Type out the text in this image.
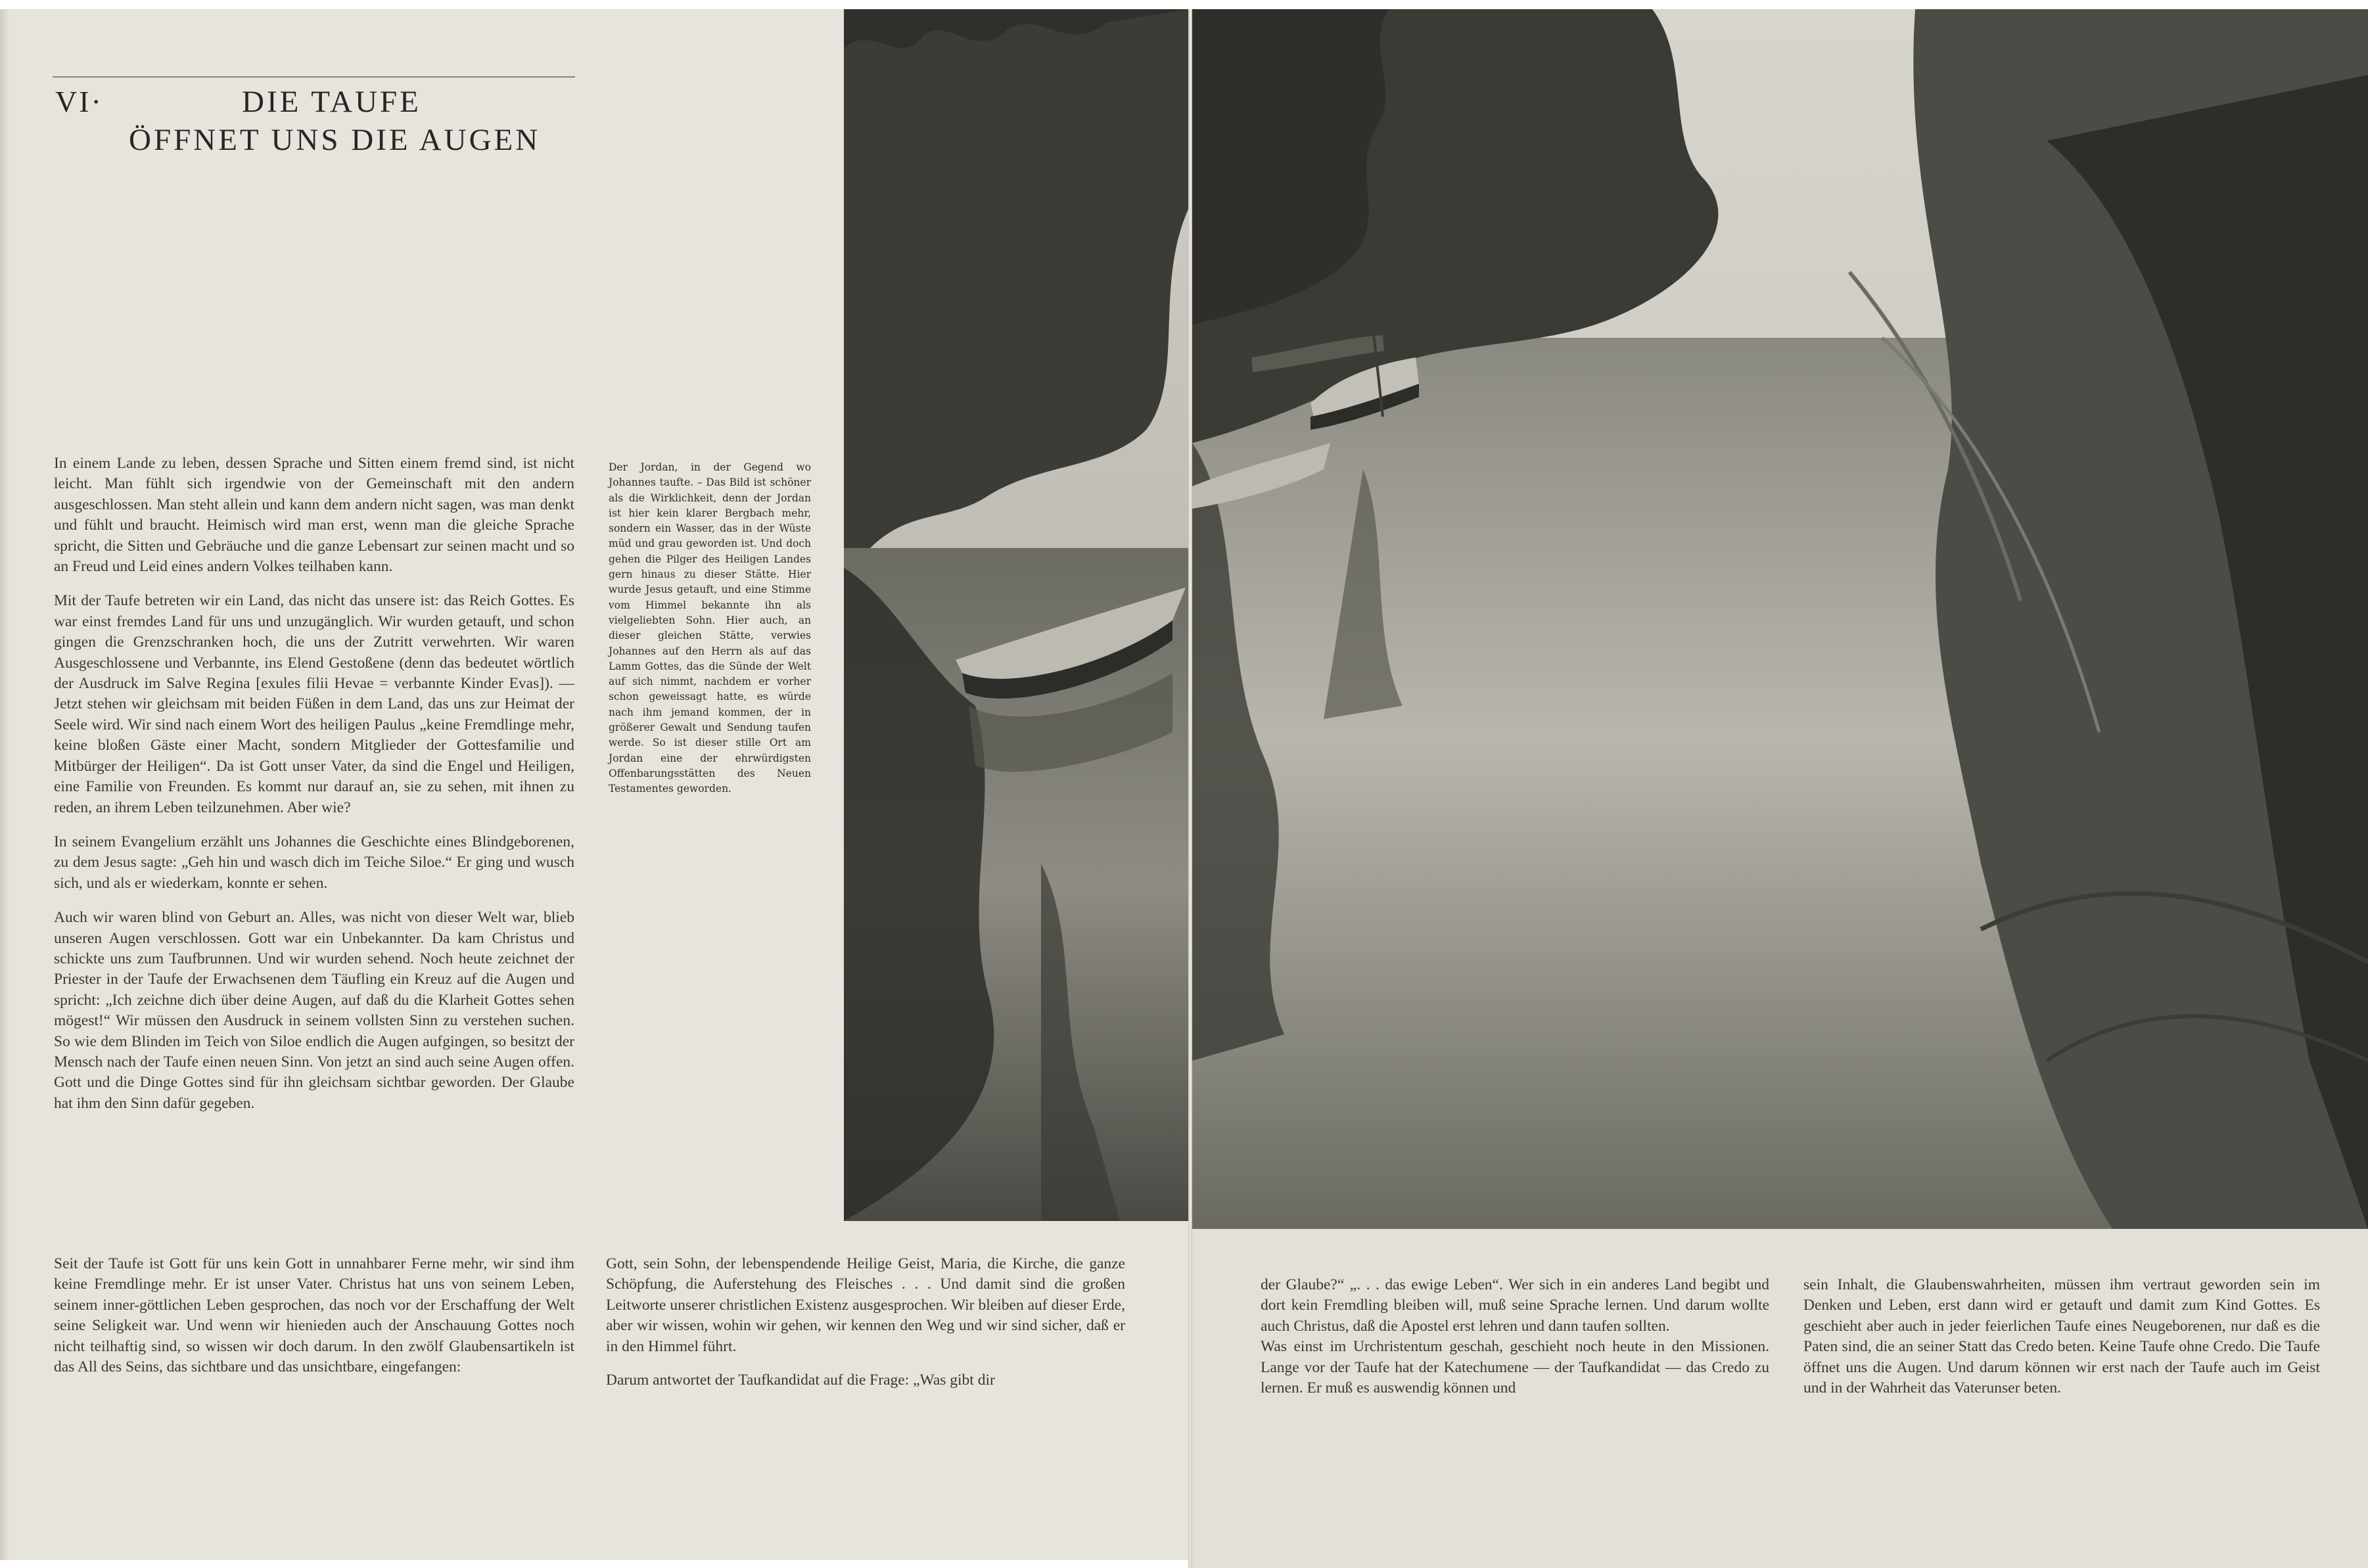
VI·	DIE TAUFE
ÖFFNET UNS DIE AUGEN

In einem Lande zu leben, dessen Sprache und Sitten einem fremd sind, ist nicht leicht. Man fühlt sich irgendwie von der Gemeinschaft mit den andern ausgeschlossen. Man steht allein und kann dem andern nicht sagen, was man denkt und fühlt und braucht. Heimisch wird man erst, wenn man die gleiche Sprache spricht, die Sitten und Gebräuche und die ganze Lebensart zur seinen macht und so an Freud und Leid eines andern Volkes teilhaben kann.

Mit der Taufe betreten wir ein Land, das nicht das unsere ist: das Reich Gottes. Es war einst fremdes Land für uns und unzugänglich. Wir wurden getauft, und schon gingen die Grenzschranken hoch, die uns der Zutritt verwehrten. Wir waren Ausgeschlossene und Verbannte, ins Elend Gestoßene (denn das bedeutet wörtlich der Ausdruck im Salve Regina [exules filii Hevae = verbannte Kinder Evas]). — Jetzt stehen wir gleichsam mit beiden Füßen in dem Land, das uns zur Heimat der Seele wird. Wir sind nach einem Wort des heiligen Paulus „keine Fremdlinge mehr, keine bloßen Gäste einer Macht, sondern Mitglieder der Gottesfamilie und Mitbürger der Heiligen“. Da ist Gott unser Vater, da sind die Engel und Heiligen, eine Familie von Freunden. Es kommt nur darauf an, sie zu sehen, mit ihnen zu reden, an ihrem Leben teilzunehmen. Aber wie?

In seinem Evangelium erzählt uns Johannes die Geschichte eines Blindgeborenen, zu dem Jesus sagte: „Geh hin und wasch dich im Teiche Siloe.“ Er ging und wusch sich, und als er wiederkam, konnte er sehen.

Auch wir waren blind von Geburt an. Alles, was nicht von dieser Welt war, blieb unseren Augen verschlossen. Gott war ein Unbekannter. Da kam Christus und schickte uns zum Taufbrunnen. Und wir wurden sehend. Noch heute zeichnet der Priester in der Taufe der Erwachsenen dem Täufling ein Kreuz auf die Augen und spricht: „Ich zeichne dich über deine Augen, auf daß du die Klarheit Gottes sehen mögest!“ Wir müssen den Ausdruck in seinem vollsten Sinn zu verstehen suchen. So wie dem Blinden im Teich von Siloe endlich die Augen aufgingen, so besitzt der Mensch nach der Taufe einen neuen Sinn. Von jetzt an sind auch seine Augen offen. Gott und die Dinge Gottes sind für ihn gleichsam sichtbar geworden. Der Glaube hat ihm den Sinn dafür gegeben.

Der Jordan, in der Gegend wo Johannes taufte. – Das Bild ist schöner als die Wirklichkeit, denn der Jordan ist hier kein klarer Bergbach mehr, sondern ein Wasser, das in der Wüste müd und grau geworden ist. Und doch gehen die Pilger des Heiligen Landes gern hinaus zu dieser Stätte. Hier wurde Jesus getauft, und eine Stimme vom Himmel bekannte ihn als vielgeliebten Sohn. Hier auch, an dieser gleichen Stätte, verwies Johannes auf den Herrn als auf das Lamm Gottes, das die Sünde der Welt auf sich nimmt, nachdem er vorher schon geweissagt hatte, es würde nach ihm jemand kommen, der in größerer Gewalt und Sendung taufen werde. So ist dieser stille Ort am Jordan eine der ehrwürdigsten Offenbarungsstätten des Neuen Testamentes geworden.

Seit der Taufe ist Gott für uns kein Gott in unnahbarer Ferne mehr, wir sind ihm keine Fremdlinge mehr. Er ist unser Vater. Christus hat uns von seinem Leben, seinem inner-göttlichen Leben gesprochen, das noch vor der Erschaffung der Welt seine Seligkeit war. Und wenn wir hienieden auch der Anschauung Gottes noch nicht teilhaftig sind, so wissen wir doch darum. In den zwölf Glaubensartikeln ist das All des Seins, das sichtbare und das unsichtbare, eingefangen:

Gott, sein Sohn, der lebenspendende Heilige Geist, Maria, die Kirche, die ganze Schöpfung, die Auferstehung des Fleisches . . . Und damit sind die großen Leitworte unserer christlichen Existenz ausgesprochen. Wir bleiben auf dieser Erde, aber wir wissen, wohin wir gehen, wir kennen den Weg und wir sind sicher, daß er in den Himmel führt.

Darum antwortet der Taufkandidat auf die Frage: „Was gibt dir

der Glaube?“ „. . . das ewige Leben“. Wer sich in ein anderes Land begibt und dort kein Fremdling bleiben will, muß seine Sprache lernen. Und darum wollte auch Christus, daß die Apostel erst lehren und dann taufen sollten.

Was einst im Urchristentum geschah, geschieht noch heute in den Missionen. Lange vor der Taufe hat der Katechumene — der Taufkandidat — das Credo zu lernen. Er muß es auswendig können und

sein Inhalt, die Glaubenswahrheiten, müssen ihm vertraut geworden sein im Denken und Leben, erst dann wird er getauft und damit zum Kind Gottes. Es geschieht aber auch in jeder feierlichen Taufe eines Neugeborenen, nur daß es die Paten sind, die an seiner Statt das Credo beten. Keine Taufe ohne Credo. Die Taufe öffnet uns die Augen. Und darum können wir erst nach der Taufe auch im Geist und in der Wahrheit das Vaterunser beten.
